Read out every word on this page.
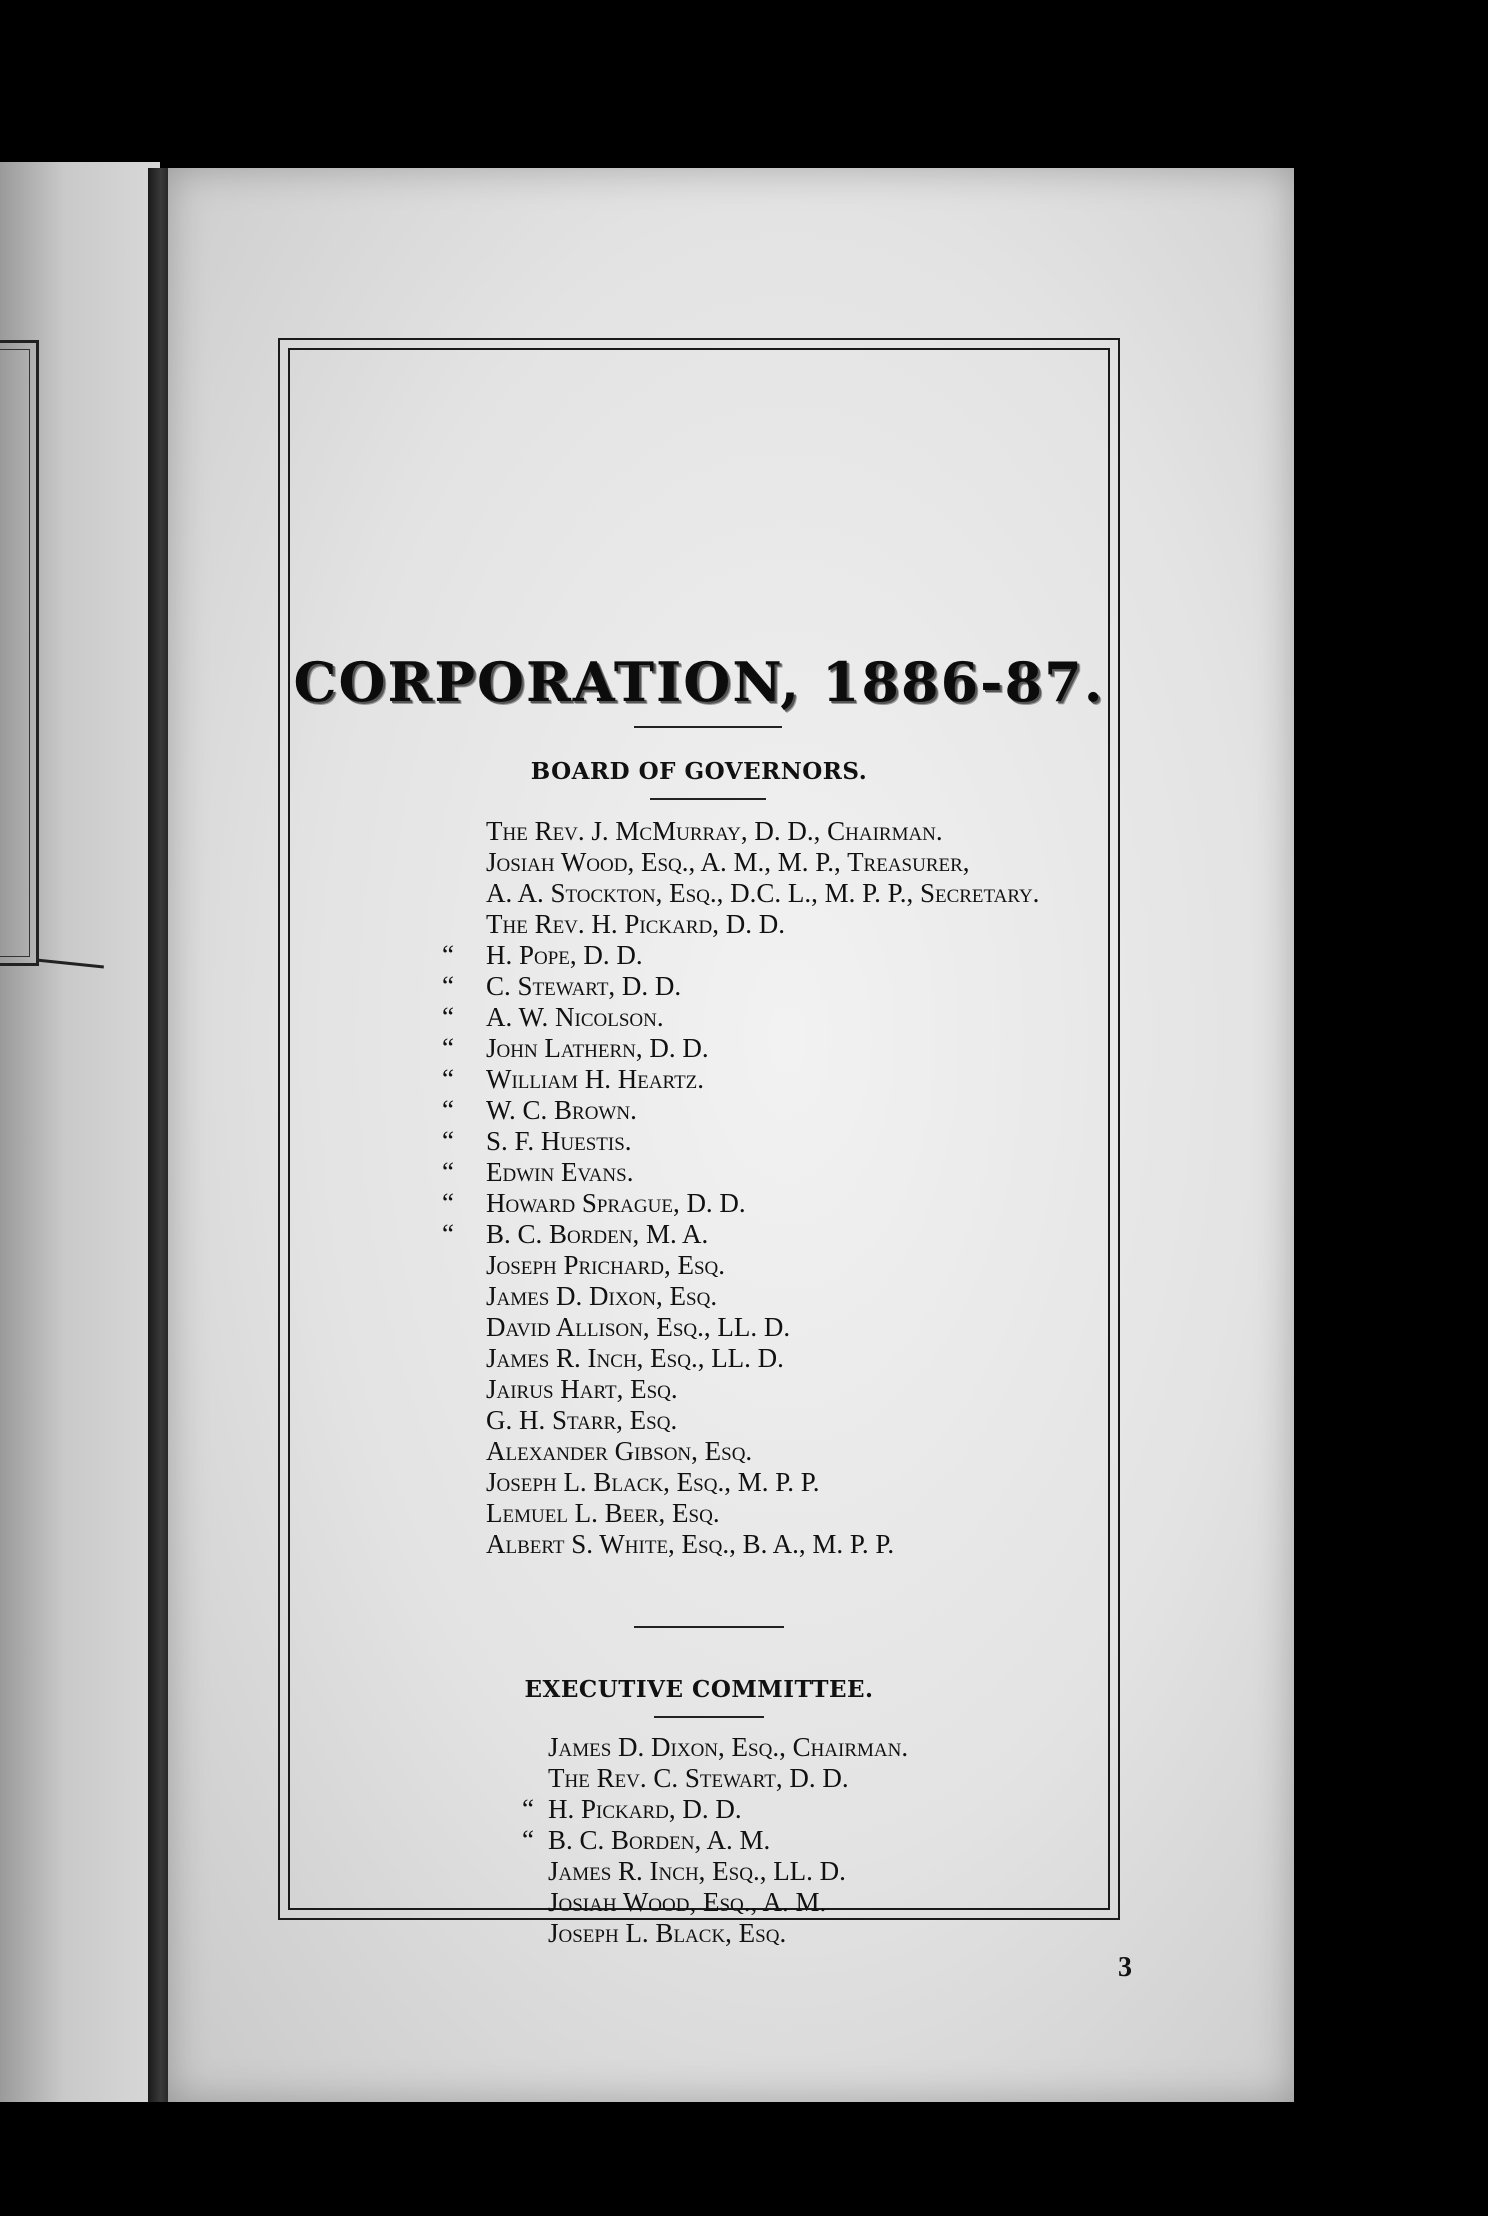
CORPORATION, 1886-87.
BOARD OF GOVERNORS.
The Rev. J. McMurray, D. D., Chairman.
Josiah Wood, Esq., A. M., M. P., Treasurer,
A. A. Stockton, Esq., D.C. L., M. P. P., Secretary.
The Rev. H. Pickard, D. D.
“	H. Pope, D. D.
“	C. Stewart, D. D.
“	A. W. Nicolson.
“	John Lathern, D. D.
“	William H. Heartz.
“	W. C. Brown.
“	S. F. Huestis.
“	Edwin Evans.
“	Howard Sprague, D. D.
“	B. C. Borden, M. A.
Joseph Prichard, Esq.
James D. Dixon, Esq.
David Allison, Esq., LL. D.
James R. Inch, Esq., LL. D.
Jairus Hart, Esq.
G. H. Starr, Esq.
Alexander Gibson, Esq.
Joseph L. Black, Esq., M. P. P.
Lemuel L. Beer, Esq.
Albert S. White, Esq., B. A., M. P. P.
EXECUTIVE COMMITTEE.
James D. Dixon, Esq., Chairman.
The Rev. C. Stewart, D. D.
“ H. Pickard, D. D.
“ B. C. Borden, A. M.
James R. Inch, Esq., LL. D.
Josiah Wood, Esq., A. M.
Joseph L. Black, Esq.
3
